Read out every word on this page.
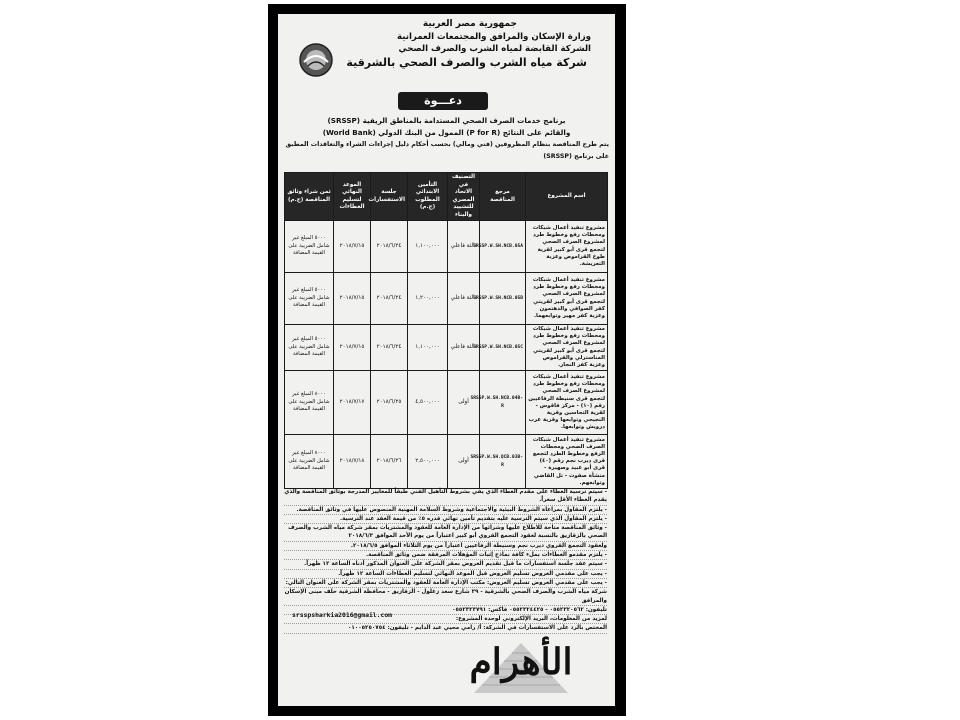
جمهورية مصر العربية
وزارة الإسكان والمرافق والمجتمعات العمرانية
الشركة القابضة لمياه الشرب والصرف الصحي
شركة مياه الشرب والصرف الصحي بالشرقية
دعـــوة
برنامج خدمات الصرف الصحي المستدامة بالمناطق الريفية (SRSSP)
والقائم على النتائج (P for R) الممول من البنك الدولي (World Bank)
يتم طرح المناقصة بنظام المظروفين (فني ومالي) بحسب أحكام دليل إجراءات الشراء والتعاقدات المطبق على برنامج (SRSSP)
اسم المشروع	مرجع المناقصة	التصنيف في الاتحاد المصري للتشييد والبناء	التأمين الابتدائي المطلوب (ج.م)	جلسة الاستفسارات	الموعد النهائي لتسليم العطاءات	ثمن شراء وثائق المناقصة (ج.م)
مشروع تنفيذ أعمال شبكات ومحطات رفع وخطوط طرد لمشروع الصرف الصحي لتجمع قرى أبو كبير لقرية طوخ القراموص وعزبة التعريشة.	SRSSP.W.SH.NCB.05A	ثالثة فاعلي	١,١٠٠,٠٠٠	٢٠١٨/٦/٢٤	٢٠١٨/٧/١٥	٥٠٠٠ المبلغ غير شامل الضريبة على القيمة المضافة
مشروع تنفيذ أعمال شبكات ومحطات رفع وخطوط طرد لمشروع الصرف الصحي لتجمع قرى أبو كبير لقريتي كفر الصوافي والدهتمون وعزبة كفر مهير وتوابعهما.	SRSSP.W.SH.NCB.05B	ثالثة فاعلي	١,٢٠٠,٠٠٠	٢٠١٨/٦/٢٤	٢٠١٨/٧/١٥	٥٠٠٠ المبلغ غير شامل الضريبة على القيمة المضافة
مشروع تنفيذ أعمال شبكات ومحطات رفع وخطوط طرد لمشروع الصرف الصحي لتجمع قرى أبو كبير لقريتي المناسترلي والقراموص وعزبة كفر النجار.	SRSSP.W.SH.NCB.05C	ثالثة فاعلي	١,١٠٠,٠٠٠	٢٠١٨/٦/٢٤	٢٠١٨/٧/١٥	٥٠٠٠ المبلغ غير شامل الضريبة على القيمة المضافة
مشروع تنفيذ أعمال شبكات ومحطات رفع وخطوط طرد لمشروع الصرف الصحي لتجمع قرى سنيطة الرفاعيين رقم (١٠) - مركز فاقوس - لقرية التحاسين وقرية النجيحي وتوابعها وقرية عرب درويش وتوابعها.	SRSSP.W.SH.NCB.04B-R	أولى	٤,٥٠٠,٠٠٠	٢٠١٨/٦/٢٥	٢٠١٨/٧/١٧	٨٠٠٠ المبلغ غير شامل الضريبة على القيمة المضافة
مشروع تنفيذ أعمال شبكات الصرف الصحي ومحطات الرفع وخطوط الطرد لتجمع قرى ديرب نجم رقم (٤٠) قرى أبو عبيد وصهيرة - منشأة صفوت - تل القاضي وتوابعهم.	SRSSP.W.SH.QCB.03B-R	أولى	٢,٥٠٠,٠٠٠	٢٠١٨/٦/٢٦	٢٠١٨/٧/١٨	٨٠٠٠ المبلغ غير شامل الضريبة على القيمة المضافة
- سيتم ترسية العطاء على مقدم العطاء الذي يفي بشروط التأهيل الفني طبقاً للمعايير المدرجة بوثائق المناقصة والذي يقدم العطاء الأقل سعراً.
- يلتزم المقاول بمراعاة الشروط البيئية والاجتماعية وشروط السلامة المهنية المنصوص عليها في وثائق المناقصة.
- يلتزم المقاول الذي سيتم الترسية عليه بتقديم تأمين نهائي قدره ٥٪ من قيمة العقد عند الترسية.
- وثائق المناقصة متاحة للاطلاع عليها وشرائها من الإدارة العامة للعقود والمشتريات بمقر شركة مياه الشرب والصرف الصحي بالزقازيق بالنسبة لعقود التجمع القروي أبو كبير اعتباراً من يوم الأحد الموافق ٢٠١٨/٦/٣
ولعقود التجمع القروي ديرب نجم وسنيطة الرفاعيين اعتباراً من يوم الثلاثاء الموافق ٢٠١٨/٦/٥.
- يلتزم مقدمو العطاءات بملء كافة نماذج إثبات المؤهلات المرفقة ضمن وثائق المناقصة.
- سيتم عقد جلسة استفسارات ما قبل تقديم العروض بمقر الشركة على العنوان المذكور أدناه الساعة ١٢ ظهراً.
- يجب على مقدمي العروض تسليم العروض قبل الموعد النهائي لتسليم العطاءات الساعة ١٢ ظهراً.
- يجب على مقدمي العروض تسليم العروض: مكتب الإدارة العامة للعقود والمشتريات بمقر الشركة على العنوان التالي:
شركة مياه الشرب والصرف الصحي بالشرقية - ٣٩ شارع سعد زغلول - الزقازيق - محافظة الشرقية خلف مبنى الإسكان والمرافق
تليفون: ٠٥٥٢٣٢٠٥٦٢ - ٠٥٥٢٣٢٤٤٢٥ فاكس: ٠٥٥٢٣٢٣٧٩١
لمزيد من المعلومات، البريد الإلكتروني لوحدة المشروع:
المختص بالرد على الاستفسارات في الشركة: أ/ رامي محيي عبد الدايم - تليفون: ٠١٠٠٥٢٥٠٧٥٤
srsspsharkia2016@gmail.com
الأهرام
